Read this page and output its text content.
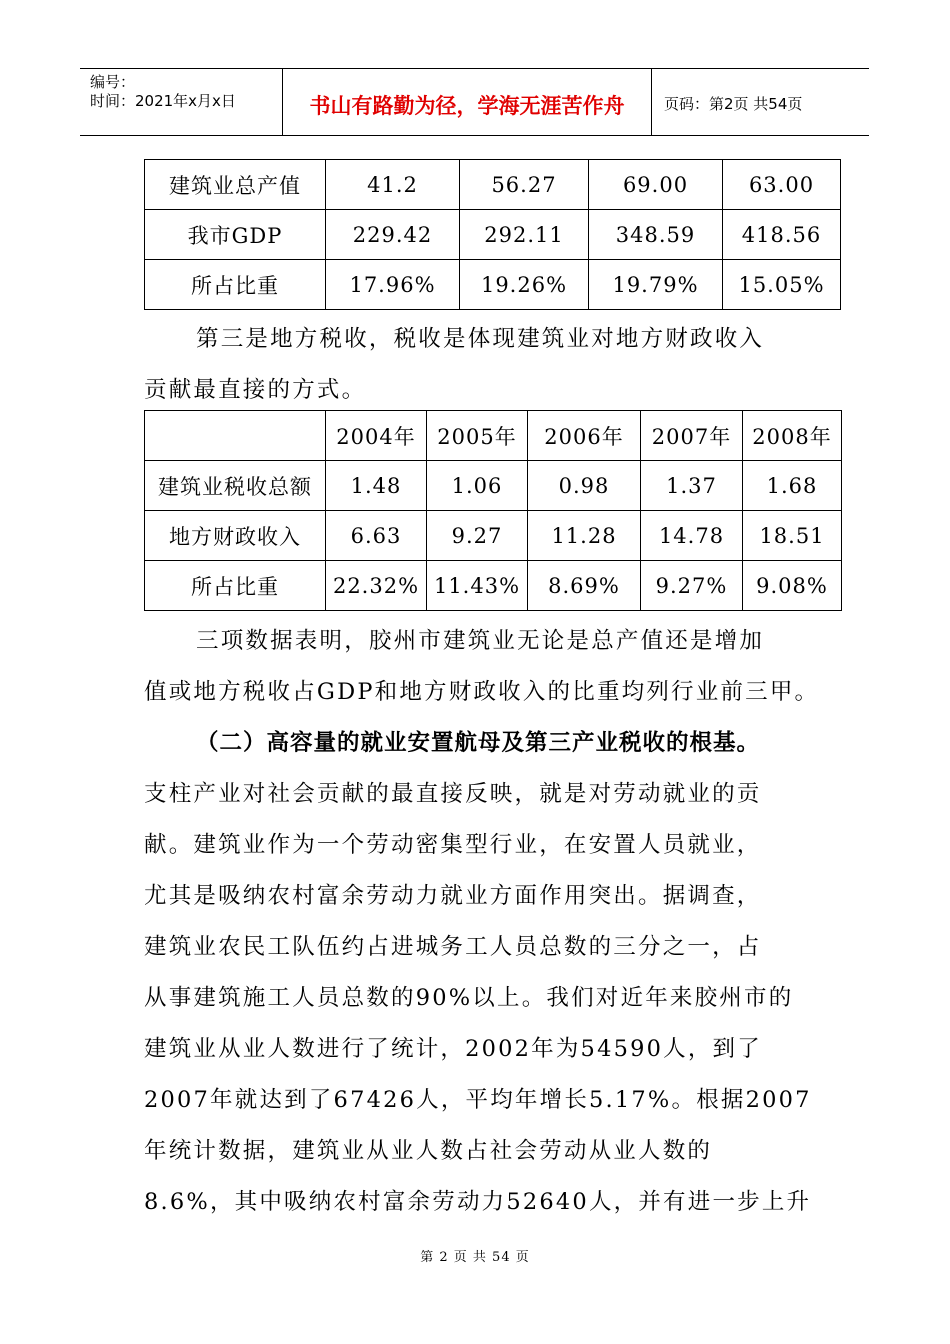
编号：
时间：2021年x月x日	书山有路勤为径，学海无涯苦作舟	页码：第2页 共54页
建筑业总产值	41.2	56.27	69.00	63.00
我市GDP	229.42	292.11	348.59	418.56
所占比重	17.96%	19.26%	19.79%	15.05%
第三是地方税收，税收是体现建筑业对地方财政收入
贡献最直接的方式。
	2004年	2005年	2006年	2007年	2008年
建筑业税收总额	1.48	1.06	0.98	1.37	1.68
地方财政收入	6.63	9.27	11.28	14.78	18.51
所占比重	22.32%	11.43%	8.69%	9.27%	9.08%
三项数据表明，胶州市建筑业无论是总产值还是增加
值或地方税收占GDP和地方财政收入的比重均列行业前三甲。
（二）高容量的就业安置航母及第三产业税收的根基。
支柱产业对社会贡献的最直接反映，就是对劳动就业的贡
献。建筑业作为一个劳动密集型行业，在安置人员就业，
尤其是吸纳农村富余劳动力就业方面作用突出。据调查，
建筑业农民工队伍约占进城务工人员总数的三分之一，占
从事建筑施工人员总数的90%以上。我们对近年来胶州市的
建筑业从业人数进行了统计，2002年为54590人，到了
2007年就达到了67426人，平均年增长5.17%。根据2007
年统计数据，建筑业从业人数占社会劳动从业人数的
8.6%，其中吸纳农村富余劳动力52640人，并有进一步上升
第 2 页 共 54 页
